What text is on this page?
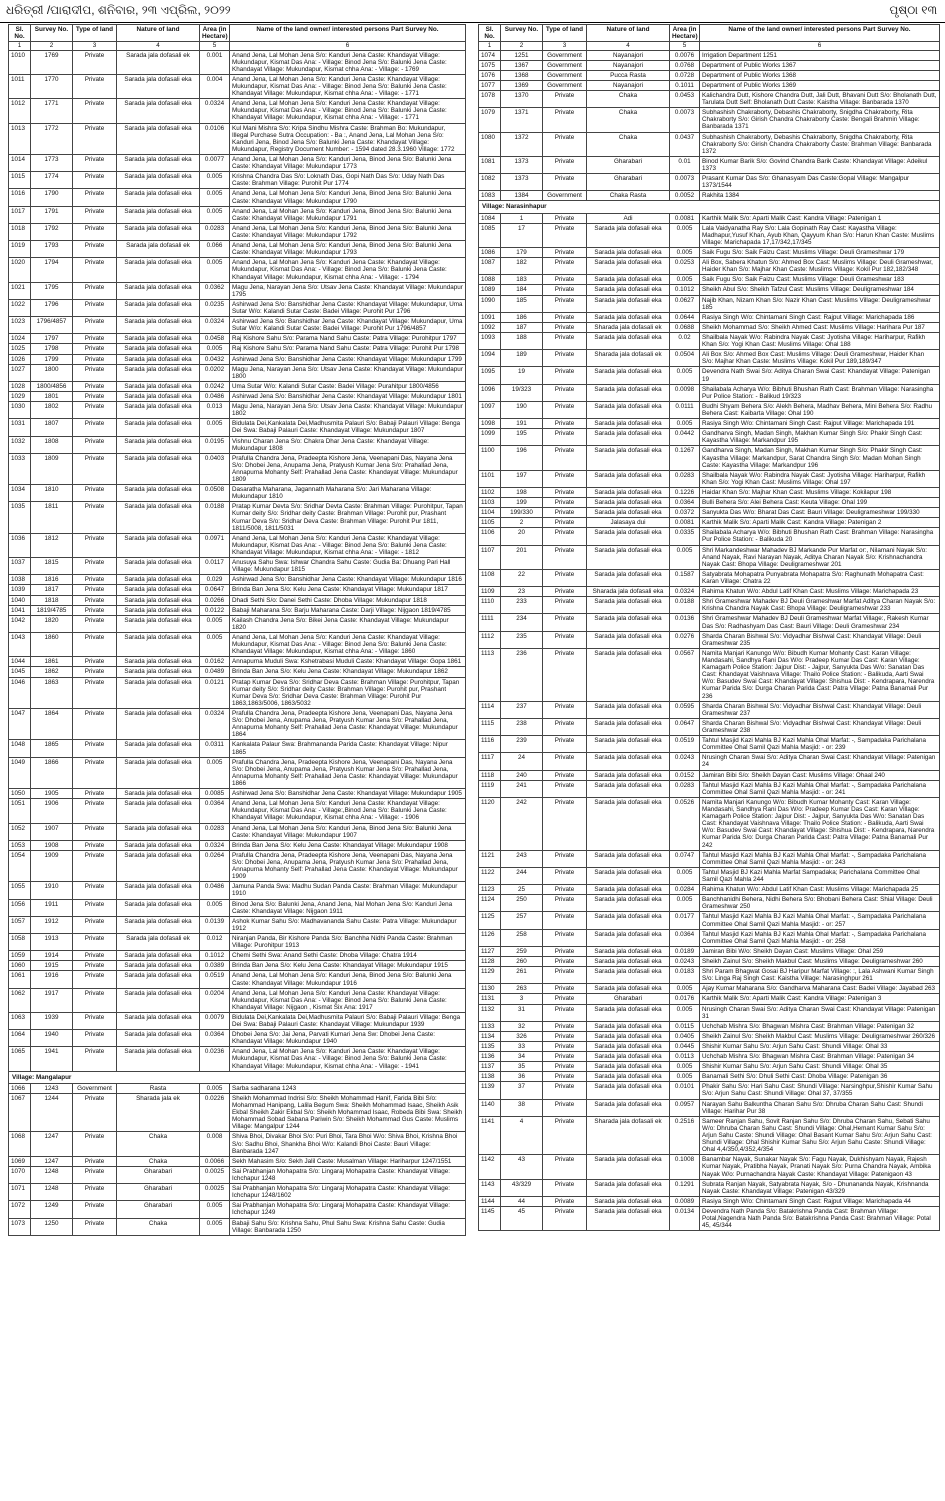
ଧରିତ୍ରୀ /ପାରାଦୀପ, ଶନିବାର, ୨୩ ଏପ୍ରିଲ, ୨୦୨୨	ପୃଷ୍ଠା ୧୩
Sl. No.	Survey No.	Type of land	Nature of land	Area (in Hectare)	Name of the land owner/ interested persons Part Survey No.
1	2	3	4	5	6
1010	1769	Private	Sarada jala dofasali ek	0.001	Anand Jena, Lal Mohan Jena S/o: Kanduri Jena Caste: Khandayat Village: Mukundapur, Kismat Das Ana: - Village: Binod Jena S/o: Balunki Jena Caste: Khandayat Village: Mukundapur, Kismat chha Ana: - Village: - 1769
1011	1770	Private	Sarada jala dofasali eka	0.004	Anand Jena, Lal Mohan Jena S/o: Kanduri Jena Caste: Khandayat Village: Mukundapur, Kismat Das Ana: - Village: Binod Jena S/o: Balunki Jena Caste: Khandayat Village: Mukundapur, Kismat chha Ana: - Village: - 1771
1012	1771	Private	Sarada jala dofasali eka	0.0324	Anand Jena, Lal Mohan Jena S/o: Kanduri Jena Caste: Khandayat Village: Mukundapur, Kismat Das Ana: - Village: Binod Jena S/o: Balunki Jena Caste: Khandayat Village: Mukundapur, Kismat chha Ana: - Village: - 1771
1013	1772	Private	Sarada jala dofasali eka	0.0106	Kul Mani Mishra S/o: Kripa Sindhu Mishra Caste: Brahman Bo: Mukundapur, Illegal Purchase Sutra Occupation: - Ba :, Anand Jena, Lal Mohan Jena S/o: Kanduri Jena, Binod Jena S/o: Balunki Jena Caste: Khandayat Village: Mukundapur, Registry Document Number: - 1594 dated 28.3.1960 Village: 1772
1014	1773	Private	Sarada jala dofasali eka	0.0077	Anand Jena, Lal Mohan Jena S/o: Kanduri Jena, Binod Jena S/o: Balunki Jena Caste: Khandayat Village: Mukundapur 1773
1015	1774	Private	Sarada jala dofasali eka	0.005	Krishna Chandra Das S/o: Loknath Das, Gopi Nath Das S/o: Uday Nath Das Caste: Brahman Village: Purohit Pur 1774
1016	1790	Private	Sarada jala dofasali eka	0.005	Anand Jena, Lal Mohan Jena S/o: Kanduri Jena, Binod Jena S/o: Balunki Jena Caste: Khandayat Village: Mukundapur 1790
1017	1791	Private	Sarada jala dofasali eka	0.005	Anand Jena, Lal Mohan Jena S/o: Kanduri Jena, Binod Jena S/o: Balunki Jena Caste: Khandayat Village: Mukundapur 1791
1018	1792	Private	Sarada jala dofasali eka	0.0283	Anand Jena, Lal Mohan Jena S/o: Kanduri Jena, Binod Jena S/o: Balunki Jena Caste: Khandayat Village: Mukundapur 1792
1019	1793	Private	Sarada jala dofasali ek	0.066	Anand Jena, Lal Mohan Jena S/o: Kanduri Jena, Binod Jena S/o: Balunki Jena Caste: Khandayat Village: Mukundapur 1793
1020	1794	Private	Sarada jala dofasali eka	0.005	Anand Jena, Lal Mohan Jena S/o: Kanduri Jena Caste: Khandayat Village: Mukundapur, Kismat Das Ana: - Village: Binod Jena S/o: Balunki Jena Caste: Khandayat Village: Mukundapur, Kismat chha Ana: - Village: - 1794
1021	1795	Private	Sarada jala dofasali eka	0.0362	Magu Jena, Narayan Jena S/o: Utsav Jena Caste: Khandayat Village: Mukundapur 1795
1022	1796	Private	Sarada jala dofasali eka	0.0235	Ashirwad Jena S/o: Banshidhar Jena Caste: Khandayat Village: Mukundapur, Uma Sutar W/o: Kalandi Sutar Caste: Badei Village: Purohit Pur 1796
1023	1796/4857	Private	Sarada jala dofasali eka	0.0324	Ashirwad Jena S/o: Banshidhar Jena Caste: Khandayat Village: Mukundapur, Uma Sutar W/o: Kalandi Sutar Caste: Badei Village: Purohit Pur 1796/4857
1024	1797	Private	Sarada jala dofasali eka	0.0458	Raj Kishore Sahu S/o: Parama Nand Sahu Caste: Patra Village: Purohitpur 1797
1025	1798	Private	Sarada jala dofasali eka	0.005	Raj Kishore Sahu S/o: Parama Nand Sahu Caste: Patra Village: Purohit Pur 1798
1026	1799	Private	Sarada jala dofasali eka	0.0432	Ashirwad Jena S/o: Banshidhar Jena Caste: Khandayat Village: Mukundapur 1799
1027	1800	Private	Sarada jala dofasali eka	0.0202	Magu Jena, Narayan Jena S/o: Utsav Jena Caste: Khandayat Village: Mukundapur 1800
1028	1800/4856	Private	Sarada jala dofasali eka	0.0242	Uma Sutar W/o: Kalandi Sutar Caste: Badei Village: Purahitpur 1800/4856
1029	1801	Private	Sarada jala dofasali eka	0.0486	Ashirwad Jena S/o: Banshidhar Jena Caste: Khandayat Village: Mukundapur 1801
1030	1802	Private	Sarada jala dofasali eka	0.013	Magu Jena, Narayan Jena S/o: Utsav Jena Caste: Khandayat Village: Mukundapur 1802
1031	1807	Private	Sarada jala dofasali eka	0.005	Bidulata Dei,Kankalata Dei,Madhusmita Palauri S/o: Babaji Palauri Village: Benga Dei Swa: Babaji Palauri Caste: Khandayat Village: Mukundapur 1807
1032	1808	Private	Sarada jala dofasali eka	0.0195	Vishnu Charan Jena S/o: Chakra Dhar Jena Caste: Khandayat Village: Mukundapur 1808
1033	1809	Private	Sarada jala dofasali eka	0.0403	Prafulla Chandra Jena, Pradeepta Kishore Jena, Veenapani Das, Nayana Jena S/o: Dhobei Jena, Anupama Jena, Pratyush Kumar Jena S/o: Prahallad Jena, Annapurna Mohanty Self: Prahallad Jena Caste: Khandayat Village: Mukundapur 1809
1034	1810	Private	Sarada jala dofasali eka	0.0508	Dasaratha Maharana, Jagannath Maharana S/o: Jari Maharana Village: Mukundapur 1810
1035	1811	Private	Sarada jala dofasali eka	0.0188	Pratap Kumar Devta S/o: Sridhar Devta Caste: Brahman Village: Purohitpur, Tapan Kumar deity S/o: Sridhar deity Caste: Brahman Village: Purohit pur, Prashant Kumar Deva S/o: Sridhar Deva Caste: Brahman Village: Purohit Pur 1811, 1811/5008, 1811/5031
1036	1812	Private	Sarada jala dofasali eka	0.0971	Anand Jena, Lal Mohan Jena S/o: Kanduri Jena Caste: Khandayat Village: Mukundapur, Kismat Das Ana: - Village: Binod Jena S/o: Balunki Jena Caste: Khandayat Village: Mukundapur, Kismat chha Ana: - Village: - 1812
1037	1815	Private	Sarada jala dofasali eka	0.0117	Anusuya Sahu Swa: Ishwar Chandra Sahu Caste: Gudia Ba: Dhuang Pari Hall Village: Mukundapur 1815
1038	1816	Private	Sarada jala dofasali eka	0.029	Ashirwad Jena S/o: Banshidhar Jena Caste: Khandayat Village: Mukundapur 1816
1039	1817	Private	Sarada jala dofasali eka	0.0647	Brinda Ban Jena S/o: Kelu Jena Caste: Khandayat Village: Mukundapur 1817
1040	1818	Private	Sarada jala dofasali eka	0.0266	Dhadi Sethi S/o: Danei Sethi Caste: Dhoba Village: Mukundapur 1818
1041	1819/4785	Private	Sarada jala dofasali eka	0.0122	Babaji Maharana S/o: Barju Maharana Caste: Darji Village: Nijgaon 1819/4785
1042	1820	Private	Sarada jala dofasali eka	0.005	Kailash Chandra Jena S/o: Bikei Jena Caste: Khandayat Village: Mukundapur 1820
1043	1860	Private	Sarada jala dofasali eka	0.005	Anand Jena, Lal Mohan Jena S/o: Kanduri Jena Caste: Khandayat Village: Mukundapur, Kismat Das Ana: - Village: Binod Jena S/o: Balunki Jena Caste: Khandayat Village: Mukundapur, Kismat chha Ana: - Village: 1860
1044	1861	Private	Sarada jala dofasali eka	0.0162	Annapurna Muduli Swa: Kshetrabasi Muduli Caste: Khandayat Village: Gopa 1861
1045	1862	Private	Sarada jala dofasali eka	0.0489	Brinda Ban Jena S/o: Kelu Jena Caste: Khandayat Village: Mukundapur 1862
1046	1863	Private	Sarada jala dofasali eka	0.0121	Pratap Kumar Deva S/o: Sridhar Deva Caste: Brahman Village: Purohitpur, Tapan Kumar deity S/o: Sridhar deity Caste: Brahman Village: Purohit pur, Prashant Kumar Deva S/o: Sridhar Deva Caste: Brahman Village: Purohit Pur 1863,1863/5006, 1863/5032
1047	1864	Private	Sarada jala dofasali eka	0.0324	Prafulla Chandra Jena, Pradeepta Kishore Jena, Veenapani Das, Nayana Jena S/o: Dhobei Jena, Anupama Jena, Pratyush Kumar Jena S/o: Prahallad Jena, Annapurna Mohanty Self: Prahallad Jena Caste: Khandayat Village: Mukundapur 1864
1048	1865	Private	Sarada jala dofasali eka	0.0311	Kankalata Palaur Swa: Brahmananda Parida Caste: Khandayat Village: Nipur 1865
1049	1866	Private	Sarada jala dofasali eka	0.005	Prafulla Chandra Jena, Pradeepta Kishore Jena, Veenapani Das, Nayana Jena S/o: Dhobei Jena, Anupama Jena, Pratyush Kumar Jena S/o: Prahallad Jena, Annapurna Mohanty Self: Prahallad Jena Caste: Khandayat Village: Mukundapur 1866
1050	1905	Private	Sarada jala dofasali eka	0.0085	Ashirwad Jena S/o: Banshidhar Jena Caste: Khandayat Village: Mukundapur 1905
1051	1906	Private	Sarada jala dofasali eka	0.0364	Anand Jena, Lal Mohan Jena S/o: Kanduri Jena Caste: Khandayat Village: Mukundapur, Kismat Das Ana: - Village:,Binod Jena S/o: Balunki Jena Caste: Khandayat Village: Mukundapur, Kismat chha Ana: - Village: - 1906
1052	1907	Private	Sarada jala dofasali eka	0.0283	Anand Jena, Lal Mohan Jena S/o: Kanduri Jena, Binod Jena S/o: Balunki Jena Caste: Khandayat Village: Mukundapur 1907
1053	1908	Private	Sarada jala dofasali eka	0.0324	Brinda Ban Jena S/o: Kelu Jena Caste: Khandayat Village: Mukundapur 1908
1054	1909	Private	Sarada jala dofasali eka	0.0264	Prafulla Chandra Jena, Pradeepta Kishore Jena, Veenapani Das, Nayana Jena S/o: Dhobei Jena, Anupama Jena, Pratyush Kumar Jena S/o: Prahallad Jena, Annapurna Mohanty Self: Prahallad Jena Caste: Khandayat Village: Mukundapur 1909
1055	1910	Private	Sarada jala dofasali eka	0.0486	Jamuna Panda Swa: Madhu Sudan Panda Caste: Brahman Village: Mukundapur 1910
1056	1911	Private	Sarada jala dofasali eka	0.005	Binod Jena S/o: Balunki Jena, Anand Jena, Nal Mohan Jena S/o: Kanduri Jena Caste: Khandayat Village: Nijgaon 1911
1057	1912	Private	Sarada jala dofasali eka	0.0139	Ashok Kumar Sahu S/o: Madhavananda Sahu Caste: Patra Village: Mukundapur 1912
1058	1913	Private	Sarada jala dofasali ek	0.012	Niranjan Panda, Bir Kishore Panda S/o: Banchha Nidhi Panda Caste: Brahman Village: Purohitpur 1913
1059	1914	Private	Sarada jala dofasali eka	0.1012	Chemi Sethi Swa: Anand Sethi Caste: Dhoba Village: Chatra 1914
1060	1915	Private	Sarada jala dofasali eka	0.0389	Brinda Ban Jena S/o: Kelu Jena Caste: Khandayat Village: Mukundapur 1915
1061	1916	Private	Sarada jala dofasali eka	0.0519	Anand Jena, Lal Mohan Jena S/o: Kanduri Jena, Binod Jena S/o: Balunki Jena Caste: Khandayat Village: Mukundapur 1916
1062	1917	Private	Sarada jala dofasali eka	0.0204	Anand Jena, Lal Mohan Jena S/o: Kanduri Jena Caste: Khandayat Village: Mukundapur, Kismat Das Ana: - Village: Binod Jena S/o: Balunki Jena Caste: Khandayat Village: Nijgaon , Kismat Six Ana: 1917
1063	1939	Private	Sarada jala dofasali eka	0.0079	Bidulata Dei,Kankalata Dei,Madhusmita Palauri S/o: Babaji Palauri Village: Benga Dei Swa: Babaji Palauri Caste: Khandayat Village: Mukundapur 1939
1064	1940	Private	Sarada jala dofasali eka	0.0364	Dhobei Jena S/o: Jai Jena, Parvati Kumari Jena Sw: Dhobei Jena Caste: Khandayat Village: Mukundapur 1940
1065	1941	Private	Sarada jala dofasali eka	0.0236	Anand Jena, Lal Mohan Jena S/o: Kanduri Jena Caste: Khandayat Village: Mukundapur, Kismat Das Ana: - Village: Binod Jena S/o: Balunki Jena Caste: Khandayat Village: Mukundapur, Kismat chha Ana: - Village: - 1941
Village: Mangalapur					
1066	1243	Government	Rasta	0.005	Sarba sadharana 1243
1067	1244	Private	Sharada jala ek	0.0226	Sheikh Mohammad Indrisi S/o: Sheikh Mohammad Hanif, Farida Bibi S/o: Mohammad Hanipang, Lalila Begum Swa: Sheikh Mohammad Isaac, Sheikh Asik Ekbal Sheikh Zakir Ekbal S/o: Sheikh Mohammad Isaac, Robeda Bibi Swa: Sheikh Mohammad Sobad Sabana Pariwin S/o: Sheikh Mohammad Gus Caste: Muslims Village: Mangalpur 1244
1068	1247	Private	Chaka	0.008	Shiva Bhoi, Divakar Bhoi S/o: Puri Bhoi, Tara Bhoi W/o: Shiva Bhoi, Krishna Bhoi S/o: Sadhu Bhoi, Shankha Bhoi W/o: Kalandi Bhoi Caste: Bauri Village: Banbarada 1247
1069	1247	Private	Chaka	0.0066	Sekh Mahasim S/o: Sekh Jalil Caste: Musalman Village: Hariharpur 1247/1551
1070	1248	Private	Gharabari	0.0025	Sai Prabhanjan Mohapatra S/o: Lingaraj Mohapatra Caste: Khandayat Village: Ichchapur 1248
1071	1248	Private	Gharabari	0.0025	Sai Prabhanjan Mohapatra S/o: Lingaraj Mohapatra Caste: Khandayat Village: Ichchapur 1248/1602
1072	1249	Private	Gharabari	0.005	Sai Prabhanjan Mohapatra S/o: Lingaraj Mohapatra Caste: Khandayat Village: Ichchapur 1249
1073	1250	Private	Chaka	0.005	Babaji Sahu S/o: Krishna Sahu, Phul Sahu Swa: Krishna Sahu Caste: Gudia Village: Banbarada 1250
Sl. No.	Survey No.	Type of land	Nature of land	Area (in Hectare)	Name of the land owner/ interested persons Part Survey No.
1	2	3	4	5	6
1074	1251	Government	Nayanajori	0.0076	Irrigation Department 1251
1075	1367	Government	Nayanajori	0.0768	Department of Public Works 1367
1076	1368	Government	Pucca Rasta	0.0728	Department of Public Works 1368
1077	1369	Government	Nayanajori	0.1011	Department of Public Works 1369
1078	1370	Private	Chaka	0.0453	Kalichandra Dutt, Kishore Chandra Dutt, Jali Dutt, Bhavani Dutt S/o: Bholanath Dutt, Tarulata Dutt Self: Bholanath Dutt Caste: Kaistha Village: Banbarada 1370
1079	1371	Private	Chaka	0.0073	Subhashish Chakraborty, Debashis Chakraborty, Snigdha Chakraborty, Rita Chakraborty S/o: Girish Chandra Chakraborty Caste: Bengali Brahmin Village: Banbarada 1371
1080	1372	Private	Chaka	0.0437	Subhashish Chakraborty, Debashis Chakraborty, Snigdha Chakraborty, Rita Chakraborty S/o: Girish Chandra Chakraborty Caste: Brahman Village: Banbarada 1372
1081	1373	Private	Gharabari	0.01	Binod Kumar Barik S/o: Govind Chandra Barik Caste: Khandayat Village: Adeikul 1373
1082	1373	Private	Gharabari	0.0073	Prasant Kumar Das S/o: Ghanasyam Das Caste:Gopal Village: Mangalpur 1373/1544
1083	1384	Government	Chaka Rasta	0.0052	Rakhita 1384
Village: Narasinhapur					
1084	1	Private	Adi	0.0081	Karthik Malik S/o: Aparti Malik Cast: Kandra Village: Patenigan 1
1085	17	Private	Sarada jala dofasali eka	0.005	Lala Vaidyanatha Ray S/o: Lala Gopinath Ray Cast: Kayastha Village: Madhapur,Yusuf Khan, Ayub Khan, Qayyum Khan S/o: Harun Khan Caste: Muslims Village: Marichapada 17,17/342,17/345
1086	179	Private	Sarada jala dofasali eka	0.005	Saik Fugu S/o: Saik Faizu Cast: Muslims Village: Deuli Grameshwar 179
1087	182	Private	Sarada jala dofasali eka	0.0253	Ali Box, Sabera Khatun S/o: Ahmed Box Cast: Muslims Village: Deuli Grameshwar, Haider Khan S/o: Majhar Khan Caste: Muslims Village: Kokil Pur 182,182/348
1088	183	Private	Sarada jala dofasali eka	0.005	Saik Fugu S/o: Saik Faizu Cast: Muslims Village: Deuli Grameshwar 183
1089	184	Private	Sarada jala dofasali eka	0.1012	Sheikh Abul S/o: Sheikh Tafzul Cast: Muslims Village: Deuligrameshwar 184
1090	185	Private	Sarada jala dofasali eka	0.0627	Najib Khan, Nizam Khan S/o: Nazir Khan Cast: Muslims Village: Deuligrameshwar 185
1091	186	Private	Sarada jala dofasali eka	0.0644	Rasiya Singh W/o: Chintamani Singh Cast: Rajput Village: Marichapada 186
1092	187	Private	Sharada jala dofasali ek	0.0688	Sheikh Mohammad S/o: Sheikh Ahmed Cast: Muslims Village: Harihara Pur 187
1093	188	Private	Sarada jala dofasali eka	0.02	Shailbala Nayak W/o: Rabindra Nayak Cast: Jyotisha Village: Hariharpur, Rafikh Khan S/o: Yogi Khan Cast: Muslims Village: Ohal 188
1094	189	Private	Sharada jala dofasali ek	0.0504	Ali Box S/o: Ahmed Box Cast: Muslims Village: Deuli Grameshwar, Haider Khan S/o: Majhar Khan Caste: Muslims Village: Kokil Pur 189,189/347
1095	19	Private	Sarada jala dofasali eka	0.005	Devendra Nath Swai S/o: Aditya Charan Swai Cast: Khandayat Village: Patenigan 19
1096	19/323	Private	Sarada jala dofasali eka	0.0098	Shailabala Acharya W/o: Bibhuti Bhushan Rath Cast: Brahman Village: Narasingha Pur Police Station: - Balikud 19/323
1097	190	Private	Sarada jala dofasali eka	0.0111	Budhi Shyam Behera S/o: Alekh Behera, Madhav Behera, Mini Behera S/o: Radhu Behera Cast: Kaibarta Village: Ohal 190
1098	191	Private	Sarada jala dofasali eka	0.005	Rasiya Singh W/o: Chintamani Singh Cast: Rajput Village: Marichapada 191
1099	195	Private	Sarada jala dofasali eka	0.0442	Gandharva Singh, Madan Singh, Makhan Kumar Singh S/o: Phakir Singh Cast: Kayastha Village: Markandpur 195
1100	196	Private	Sarada jala dofasali eka	0.1267	Gandharva Singh, Madan Singh, Makhan Kumar Singh S/o: Phakir Singh Cast: Kayastha Village: Markandpur, Sarat Chandra Singh S/o: Madan Mohan Singh Caste: Kayastha Village: Markandpur 196
1101	197	Private	Sarada jala dofasali eka	0.0283	Shailbala Nayak W/o: Rabindra Nayak Cast: Jyotisha Village: Hariharpur, Rafikh Khan S/o: Yogi Khan Cast: Muslims Village: Ohal 197
1102	198	Private	Sarada jala dofasali eka	0.1226	Haidar Khan S/o: Majhar Khan Cast: Muslims Village: Kokilapur 198
1103	199	Private	Sarada jala dofasali eka	0.0364	Bulli Behera S/o: Alei Behera Cast: Keuta Village: Ohal 199
1104	199/330	Private	Sarada jala dofasali eka	0.0372	Sanyukta Das W/o: Bharat Das Cast: Bauri Village: Deuligrameshwar 199/330
1105	2	Private	Jalasaya dui	0.0081	Karthik Malik S/o: Aparti Malik Cast: Kandra Village: Patenigan 2
1106	20	Private	Sarada jala dofasali eka	0.0335	Shailabala Acharya W/o: Bibhuti Bhushan Rath Cast: Brahman Village: Narasingha Pur Police Station: - Balikuda 20
1107	201	Private	Sarada jala dofasali eka	0.005	Shri Markandeshwar Mahadev BJ Markande Pur Marfat or:, Nilamani Nayak S/o: Anand Nayak, Ravi Narayan Nayak, Aditya Charan Nayak S/o: Krishnachandra Nayak Cast: Bhopa Village: Deuligrameshwar 201
1108	22	Private	Sarada jala dofasali eka	0.1587	Satyabrata Mohapatra Punyabrata Mohapatra S/o: Raghunath Mohapatra Cast: Karan Village: Chatra 22
1109	23	Private	Sharada jala dofasali eka	0.0324	Rahima Khatun W/o: Abdul Latif Khan Cast: Muslims Village: Marichapada 23
1110	233	Private	Sarada jala dofasali eka	0.0188	Shri Grameshwar Mahadev BJ Deuli Grameshwar Marfat Aditya Charan Nayak S/o: Krishna Chandra Nayak Cast: Bhopa Village: Deuligrameshwar 233
1111	234	Private	Sarada jala dofasali eka	0.0136	Shri Grameshwar Mahadev BJ Deuli Grameshwar Marfat Village:, Rakesh Kumar Das S/o: Radhashyam Das Cast: Bauri Village: Deuli Grameshwar 234
1112	235	Private	Sarada jala dofasali eka	0.0276	Sharda Charan Bishwal S/o: Vidyadhar Bishwal Cast: Khandayat Village: Deuli Grameshwar 235
1113	236	Private	Sarada jala dofasali eka	0.0567	Namita Manjari Kanungo W/o: Bibudh Kumar Mohanty Cast: Karan Village: Mandasahi, Sandhya Rani Das W/o: Pradeep Kumar Das Cast: Karan Village: Kamagarh Police Station: Jajpur Dist: - Jajpur, Sanyukta Das W/o: Sanatan Das Cast: Khandayat Vaishnava Village: Thailo Police Station: - Balikuda, Aarti Swai W/o: Basudev Swai Cast: Khandayat Village: Shishua Dist: - Kendrapara, Narendra Kumar Parida S/o: Durga Charan Parida Cast: Patra Village: Patna Banamali Pur 236
1114	237	Private	Sarada jala dofasali eka	0.0595	Sharda Charan Bishwal S/o: Vidyadhar Bishwal Cast: Khandayat Village: Deuli Grameshwar 237
1115	238	Private	Sarada jala dofasali eka	0.0647	Sharda Charan Bishwal S/o: Vidyadhar Bishwal Cast: Khandayat Village: Deuli Grameshwar 238
1116	239	Private	Sarada jala dofasali eka	0.0519	Tahtul Masjid Kazi Mahla BJ Kazi Mahla Ohal Marfat: -, Sampadaka Parichalana Committee Ohal Samil Qazi Mahla Masjid: - or: 239
1117	24	Private	Sarada jala dofasali eka	0.0243	Nrusingh Charan Swai S/o: Aditya Charan Swai Cast: Khandayat Village: Patenigan 24
1118	240	Private	Sarada jala dofasali eka	0.0152	Jamiran Bibi S/o: Sheikh Dayan Cast: Muslims Village: Ohaal 240
1119	241	Private	Sarada jala dofasali eka	0.0283	Tahtul Masjid Kazi Mahla BJ Kazi Mahla Ohal Marfat: -, Sampadaka Parichalana Committee Ohal Samil Qazi Mahla Masjid: - or: 241
1120	242	Private	Sarada jala dofasali eka	0.0526	Namita Manjari Kanungo W/o: Bibudh Kumar Mohanty Cast: Karan Village: Mandasahi, Sandhya Rani Das W/o: Pradeep Kumar Das Cast: Karan Village: Kamagarh Police Station: Jajpur Dist: - Jajpur, Sanyukta Das W/o: Sanatan Das Cast: Khandayat Vaishnava Village: Thailo Police Station: - Balikuda, Aarti Swai W/o: Basudev Swai Cast: Khandayat Village: Shishua Dist: - Kendrapara, Narendra Kumar Parida S/o: Durga Charan Parida Cast: Patra Village: Patna Banamali Pur 242
1121	243	Private	Sarada jala dofasali eka	0.0747	Tahtul Masjid Kazi Mahla BJ Kazi Mahla Ohal Marfat: -, Sampadaka Parichalana Committee Ohal Samil Qazi Mahla Masjid: - or: 243
1122	244	Private	Sarada jala dofasali eka	0.005	Tahtul Masjid BJ Kazi Mahla Marfat Sampadaka; Parichalana Committee Ohal Samil Qazi Mahla 244
1123	25	Private	Sarada jala dofasali eka	0.0284	Rahima Khatun W/o: Abdul Latif Khan Cast: Muslims Village: Marichapada 25
1124	250	Private	Sarada jala dofasali eka	0.005	Banchhanidhi Behera, Nidhi Behera S/o: Bhobani Behera Cast: Shial Village: Deuli Grameshwar 250
1125	257	Private	Sarada jala dofasali eka	0.0177	Tahtul Masjid Kazi Mahla BJ Kazi Mahla Ohal Marfat: -, Sampadaka Parichalana Committee Ohal Samil Qazi Mahla Masjid: - or: 257
1126	258	Private	Sarada jala dofasali eka	0.0364	Tahtul Masjid Kazi Mahla BJ Kazi Mahla Ohal Marfat: -, Sampadaka Parichalana Committee Ohal Samil Qazi Mahla Masjid: - or: 258
1127	259	Private	Sarada jala dofasali eka	0.0189	Jamiran Bibi W/o: Sheikh Dayan Cast: Muslims Village: Ohal 259
1128	260	Private	Sarada jala dofasali eka	0.0243	Sheikh Zainul S/o: Sheikh Makbul Cast: Muslims Village: Deuligrameshwar 260
1129	261	Private	Sarada jala dofasali eka	0.0183	Shri Param Bhagwat Gosai BJ Haripur Marfat Village: :, Lala Ashwani Kumar Singh S/o: Linga Raj Singh Cast: Kaistha Village: Narasinghpur 261
1130	263	Private	Sarada jala dofasali eka	0.005	Ajay Kumar Maharana S/o: Gandharva Maharana Cast: Badei Village: Jayabad 263
1131	3	Private	Gharabari	0.0176	Karthik Malik S/o: Aparti Malik Cast: Kandra Village: Patenigan 3
1132	31	Private	Sarada jala dofasali eka	0.005	Nrusingh Charan Swai S/o: Aditya Charan Swai Cast: Khandayat Village: Patenigan 31
1133	32	Private	Sarada jala dofasali eka	0.0115	Uchchab Mishra S/o: Bhagwan Mishra Cast: Brahman Village: Patenigan 32
1134	326	Private	Sarada jala dofasali eka	0.0405	Sheikh Zainul S/o: Sheikh Makbul Cast: Muslims Village: Deuligrameshwar 260/326
1135	33	Private	Sarada jala dofasali eka	0.0445	Shishir Kumar Sahu S/o: Arjun Sahu Cast: Shundi Village: Ohal 33
1136	34	Private	Sarada jala dofasali eka	0.0113	Uchchab Mishra S/o: Bhagwan Mishra Cast: Brahman Village: Patenigan 34
1137	35	Private	Sarada jala dofasali eka	0.005	Shishir Kumar Sahu S/o: Arjun Sahu Cast: Shundi Village: Ohal 35
1138	36	Private	Sarada jala dofasali eka	0.005	Banamali Sethi S/o: Dhuli Sethi Cast: Dhoba Village: Patenigan 36
1139	37	Private	Sarada jala dofasali eka	0.0101	Phakir Sahu S/o: Hari Sahu Cast: Shundi Village: Narsinghpur,Shishir Kumar Sahu S/o: Arjun Sahu Cast: Shundi Village: Ohal 37, 37/355
1140	38	Private	Sarada jala dofasali eka	0.0957	Narayan Sahu Balkuntha Charan Sahu S/o: Dhruba Charan Sahu Cast: Shundi Village: Harihar Pur 38
1141	4	Private	Sharada jala dofasali ek	0.2516	Sameer Ranjan Sahu, Sovit Ranjan Sahu S/o: Dhruba Charan Sahu, Sebati Sahu W/o: Dhruba Charan Sahu Cast: Shundi Village: Ohal,Hemant Kumar Sahu S/o: Arjun Sahu Caste: Shundi Village: Ohal Basant Kumar Sahu S/o: Arjun Sahu Cast: Shundi Village: Ohal Shishir Kumar Sahu S/o: Arjun Sahu Caste: Shundi Village: Ohal 4,4/350,4/352,4/354
1142	43	Private	Sarada jala dofasali eka	0.1008	Banambar Nayak, Sunakar Nayak S/o: Fagu Nayak, Dukhishyam Nayak, Rajesh Kumar Nayak, Pratibha Nayak, Pranati Nayak S/o: Purna Chandra Nayak, Ambika Nayak W/o: Purnachandra Nayak Caste: Khandayat Village: Patenigaon 43
1143	43/329	Private	Sarada jala dofasali eka	0.1291	Subrata Ranjan Nayak, Satyabrata Nayak, S/o - Dhunananda Nayak, Krishnanda Nayak Caste: Khandayat Village: Patenigan 43/329
1144	44	Private	Sarada jala dofasali eka	0.0089	Rasiya Singh W/o: Chintamani Singh Cast: Rajput Village: Marichapada 44
1145	45	Private	Sarada jala dofasali eka	0.0134	Devendra Nath Panda S/o: Batakrishna Panda Cast: Brahman Village: Potal,Nagendra Nath Panda S/o: Batakrishna Panda Cast: Brahman Village: Potal 45, 45/344
